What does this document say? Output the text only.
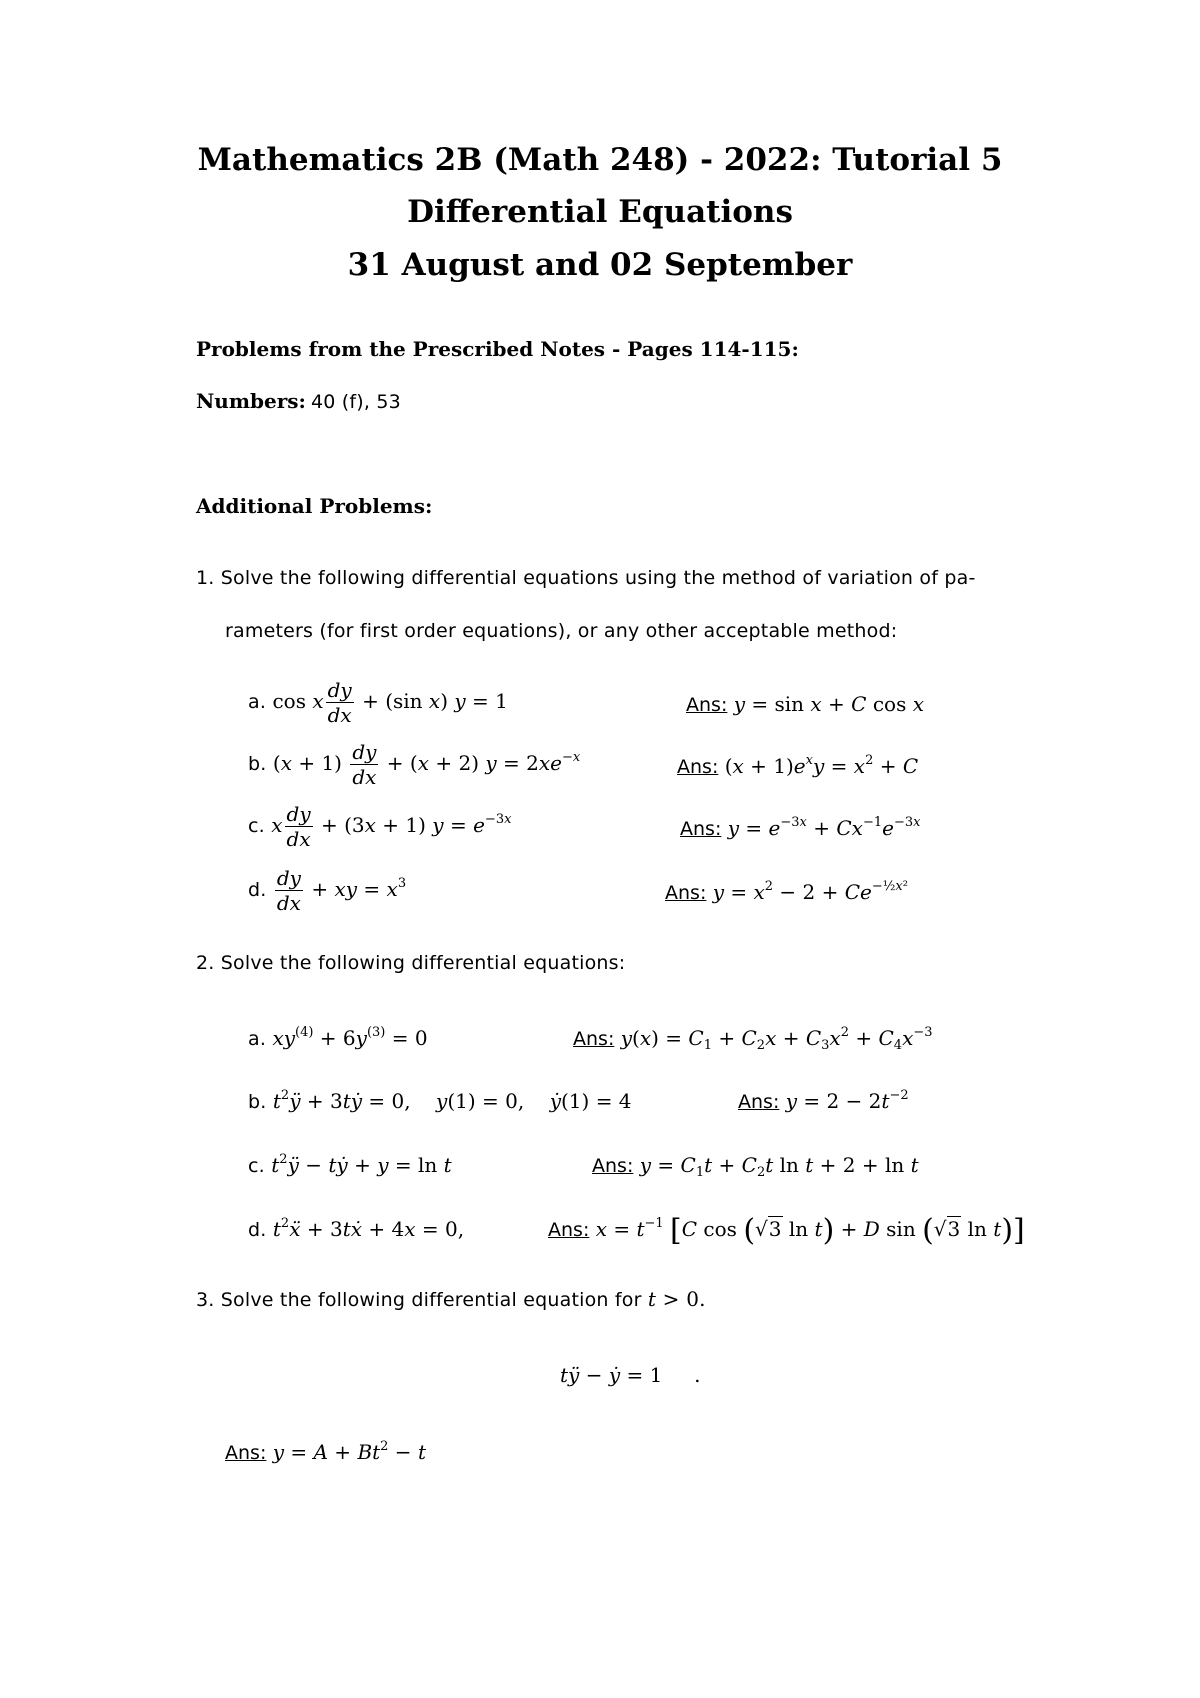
Mathematics 2B (Math 248) - 2022: Tutorial 5
Differential Equations
31 August and 02 September
Problems from the Prescribed Notes - Pages 114-115:
Numbers: 40 (f), 53
Additional Problems:
1. Solve the following differential equations using the method of variation of pa-
rameters (for first order equations), or any other acceptable method:
a. cos x $\frac{dy}{dx} + (\sin$ x) y = 1	Ans: y = sin x + C cos x
b. $(x + 1) \frac{dy}{dx} + (x + 2) y = 2xe^{-x}$	Ans: $(x + 1)e^xy = x^2 + C$
c. x $\frac{dy}{dx} + (3x + 1) y = e^{-3x}$	Ans: $y = e^{-3x} + Cx^{-1}e^{-3x}$
d. $\frac{dy}{dx}$ + xy = $x^3$	Ans: $y = x^2 - 2 + Ce^{-\frac{1}{2}x^2}$
2. Solve the following differential equations:
a. $xy^{(4)} + 6y^{(3)} = 0$	Ans: $y(x) = C_1 + C_2x + C_3x^2 + C_4x^{-3}$
b. $t^2ÿ$ + 3tẏ = 0,    y(1) = 0,    ẏ(1) = 4	Ans: $y = 2 - 2t^{-2}$
c. $t^2ÿ$ − tẏ + y = ln t	Ans: $y = C_1t + C_2t$ ln t + 2 + ln t
d. $t^2ẍ$ + 3tẋ + 4x = 0,	Ans: $x = t^{-1}$ [C cos (√3 ln t) + D sin (√3 ln t)]
3. Solve the following differential equation for t > 0.
tÿ − ẏ = 1     .
Ans: $y = A + Bt^2 - t$
